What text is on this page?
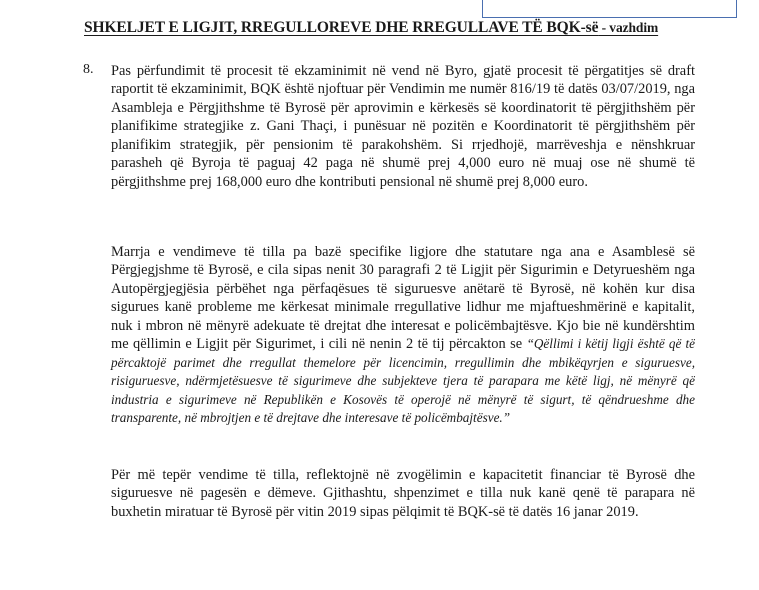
SHKELJET E LIGJIT, RREGULLOREVE DHE RREGULLAVE TË BQK-së - vazhdim
8. Pas përfundimit të procesit të ekzaminimit në vend në Byro, gjatë procesit të përgatitjes së draft raportit të ekzaminimit, BQK është njoftuar për Vendimin me numër 816/19 të datës 03/07/2019, nga Asambleja e Përgjithshme të Byrosë për aprovimin e kërkesës së koordinatorit të përgjithshëm për planifikime strategjike z. Gani Thaçi, i punësuar në pozitën e Koordinatorit të përgjithshëm për planifikim strategjik, për pensionim të parakohshëm. Si rrjedhojë, marrëveshja e nënshkruar parasheh që Byroja të paguaj 42 paga në shumë prej 4,000 euro në muaj ose në shumë të përgjithshme prej 168,000 euro dhe kontributi pensional në shumë prej 8,000 euro.
Marrja e vendimeve të tilla pa bazë specifike ligjore dhe statutare nga ana e Asamblesë së Përgjegjshme të Byrosë, e cila sipas nenit 30 paragrafi 2 të Ligjit për Sigurimin e Detyrueshëm nga Autopërgjegjësia përbëhet nga përfaqësues të siguruesve anëtarë të Byrosë, në kohën kur disa sigurues kanë probleme me kërkesat minimale rregullative lidhur me mjaftueshmërinë e kapitalit, nuk i mbron në mënyrë adekuate të drejtat dhe interesat e policëmbajtësve. Kjo bie në kundërshtim me qëllimin e Ligjit për Sigurimet, i cili në nenin 2 të tij përcakton se “Qëllimi i këtij ligji është që të përcaktojë parimet dhe rregullat themelore për licencimin, rregullimin dhe mbikëqyrjen e siguruesve, risiguruesve, ndërmjetësuesve të sigurimeve dhe subjekteve tjera të parapara me këtë ligj, në mënyrë që industria e sigurimeve në Republikën e Kosovës të operojë në mënyrë të sigurt, të qëndrueshme dhe transparente, në mbrojtjen e të drejtave dhe interesave të policëmbajtësve.”
Për më tepër vendime të tilla, reflektojnë në zvogëlimin e kapacitetit financiar të Byrosë dhe siguruesve në pagesën e dëmeve. Gjithashtu, shpenzimet e tilla nuk kanë qenë të parapara në buxhetin miratuar të Byrosë për vitin 2019 sipas pëlqimit të BQK-së të datës 16 janar 2019.
